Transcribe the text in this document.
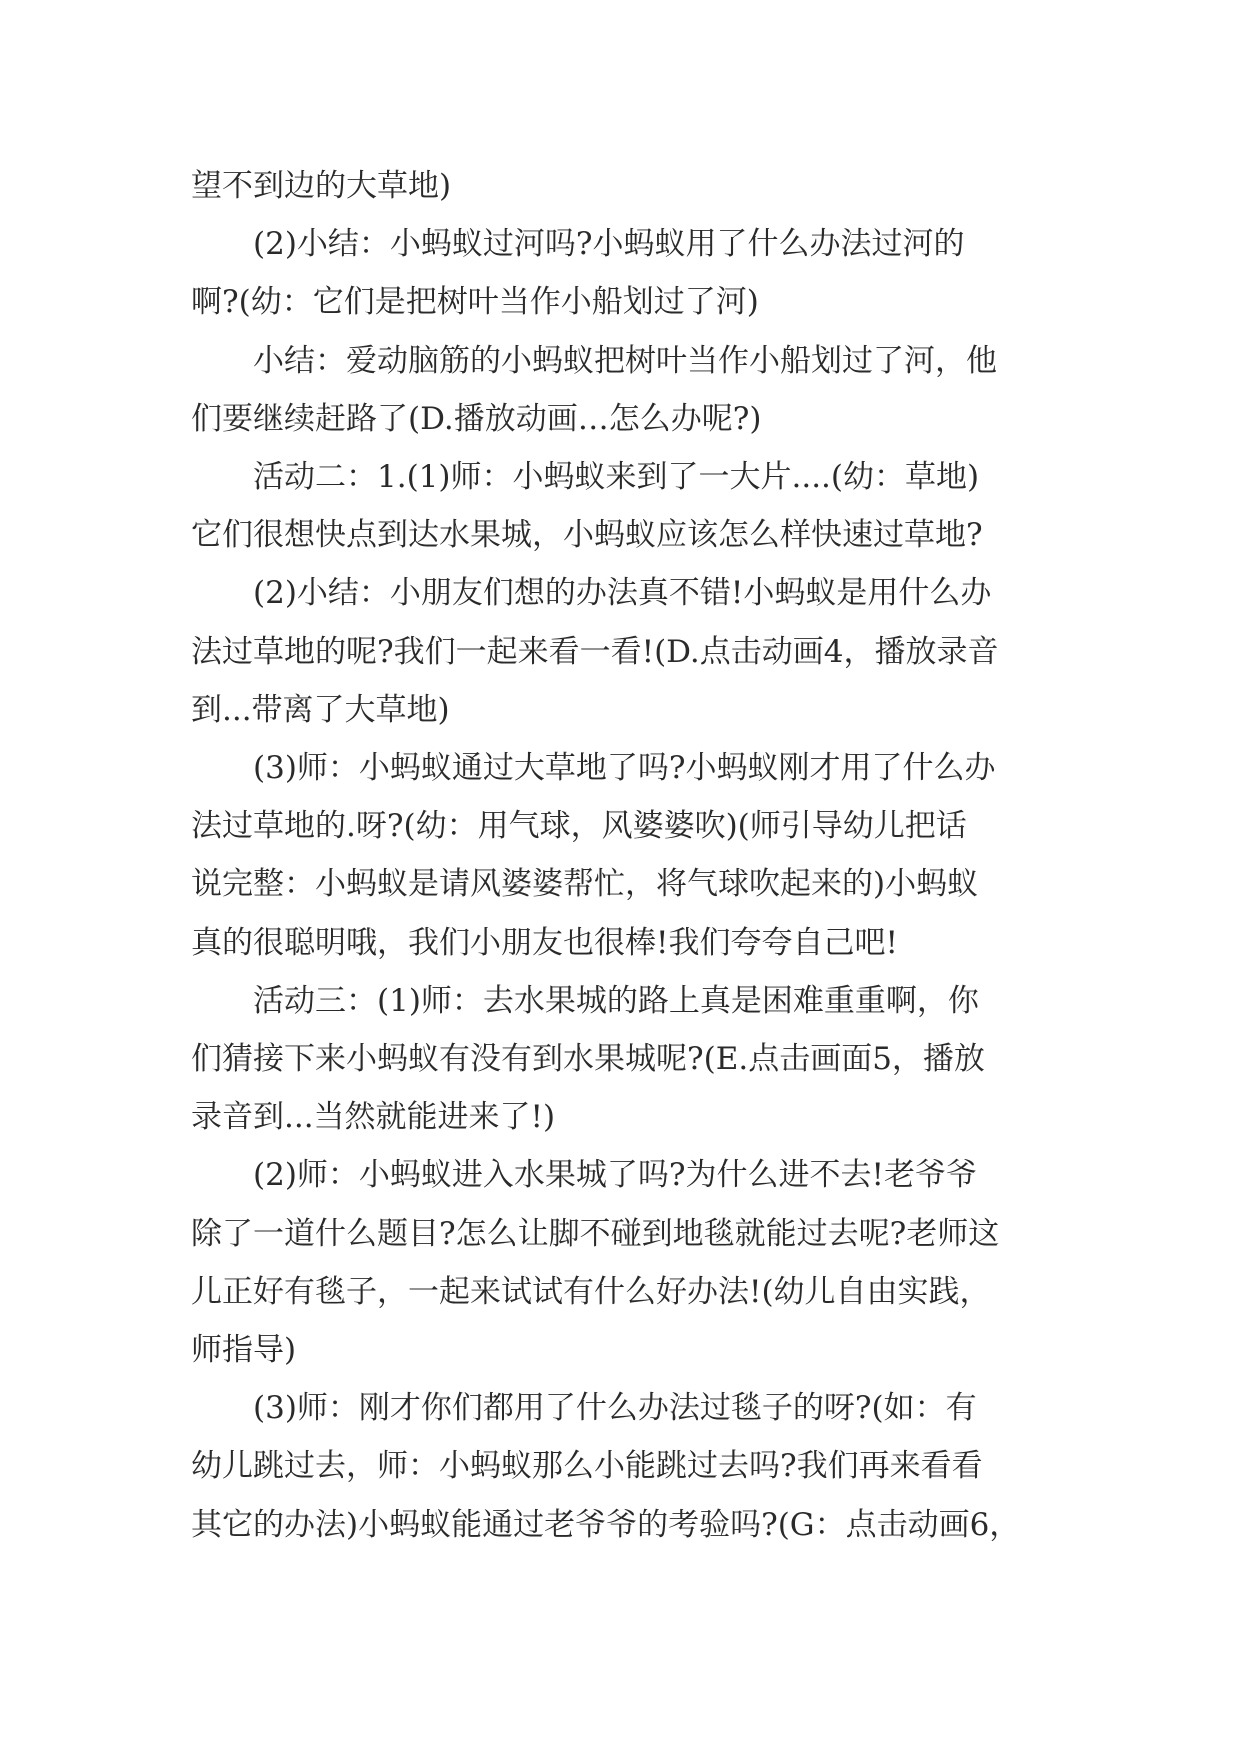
望不到边的大草地)

(2)小结：小蚂蚁过河吗?小蚂蚁用了什么办法过河的

啊?(幼：它们是把树叶当作小船划过了河)

小结：爱动脑筋的小蚂蚁把树叶当作小船划过了河，他

们要继续赶路了(D.播放动画…怎么办呢?)

活动二：1.(1)师：小蚂蚁来到了一大片....(幼：草地)

它们很想快点到达水果城，小蚂蚁应该怎么样快速过草地?

(2)小结：小朋友们想的办法真不错!小蚂蚁是用什么办

法过草地的呢?我们一起来看一看!(D.点击动画4，播放录音

到...带离了大草地)

(3)师：小蚂蚁通过大草地了吗?小蚂蚁刚才用了什么办

法过草地的.呀?(幼：用气球，风婆婆吹)(师引导幼儿把话

说完整：小蚂蚁是请风婆婆帮忙，将气球吹起来的)小蚂蚁

真的很聪明哦，我们小朋友也很棒!我们夸夸自己吧!

活动三：(1)师：去水果城的路上真是困难重重啊，你

们猜接下来小蚂蚁有没有到水果城呢?(E.点击画面5，播放

录音到...当然就能进来了!)

(2)师：小蚂蚁进入水果城了吗?为什么进不去!老爷爷

除了一道什么题目?怎么让脚不碰到地毯就能过去呢?老师这

儿正好有毯子，一起来试试有什么好办法!(幼儿自由实践，

师指导)

(3)师：刚才你们都用了什么办法过毯子的呀?(如：有

幼儿跳过去，师：小蚂蚁那么小能跳过去吗?我们再来看看

其它的办法)小蚂蚁能通过老爷爷的考验吗?(G：点击动画6，
